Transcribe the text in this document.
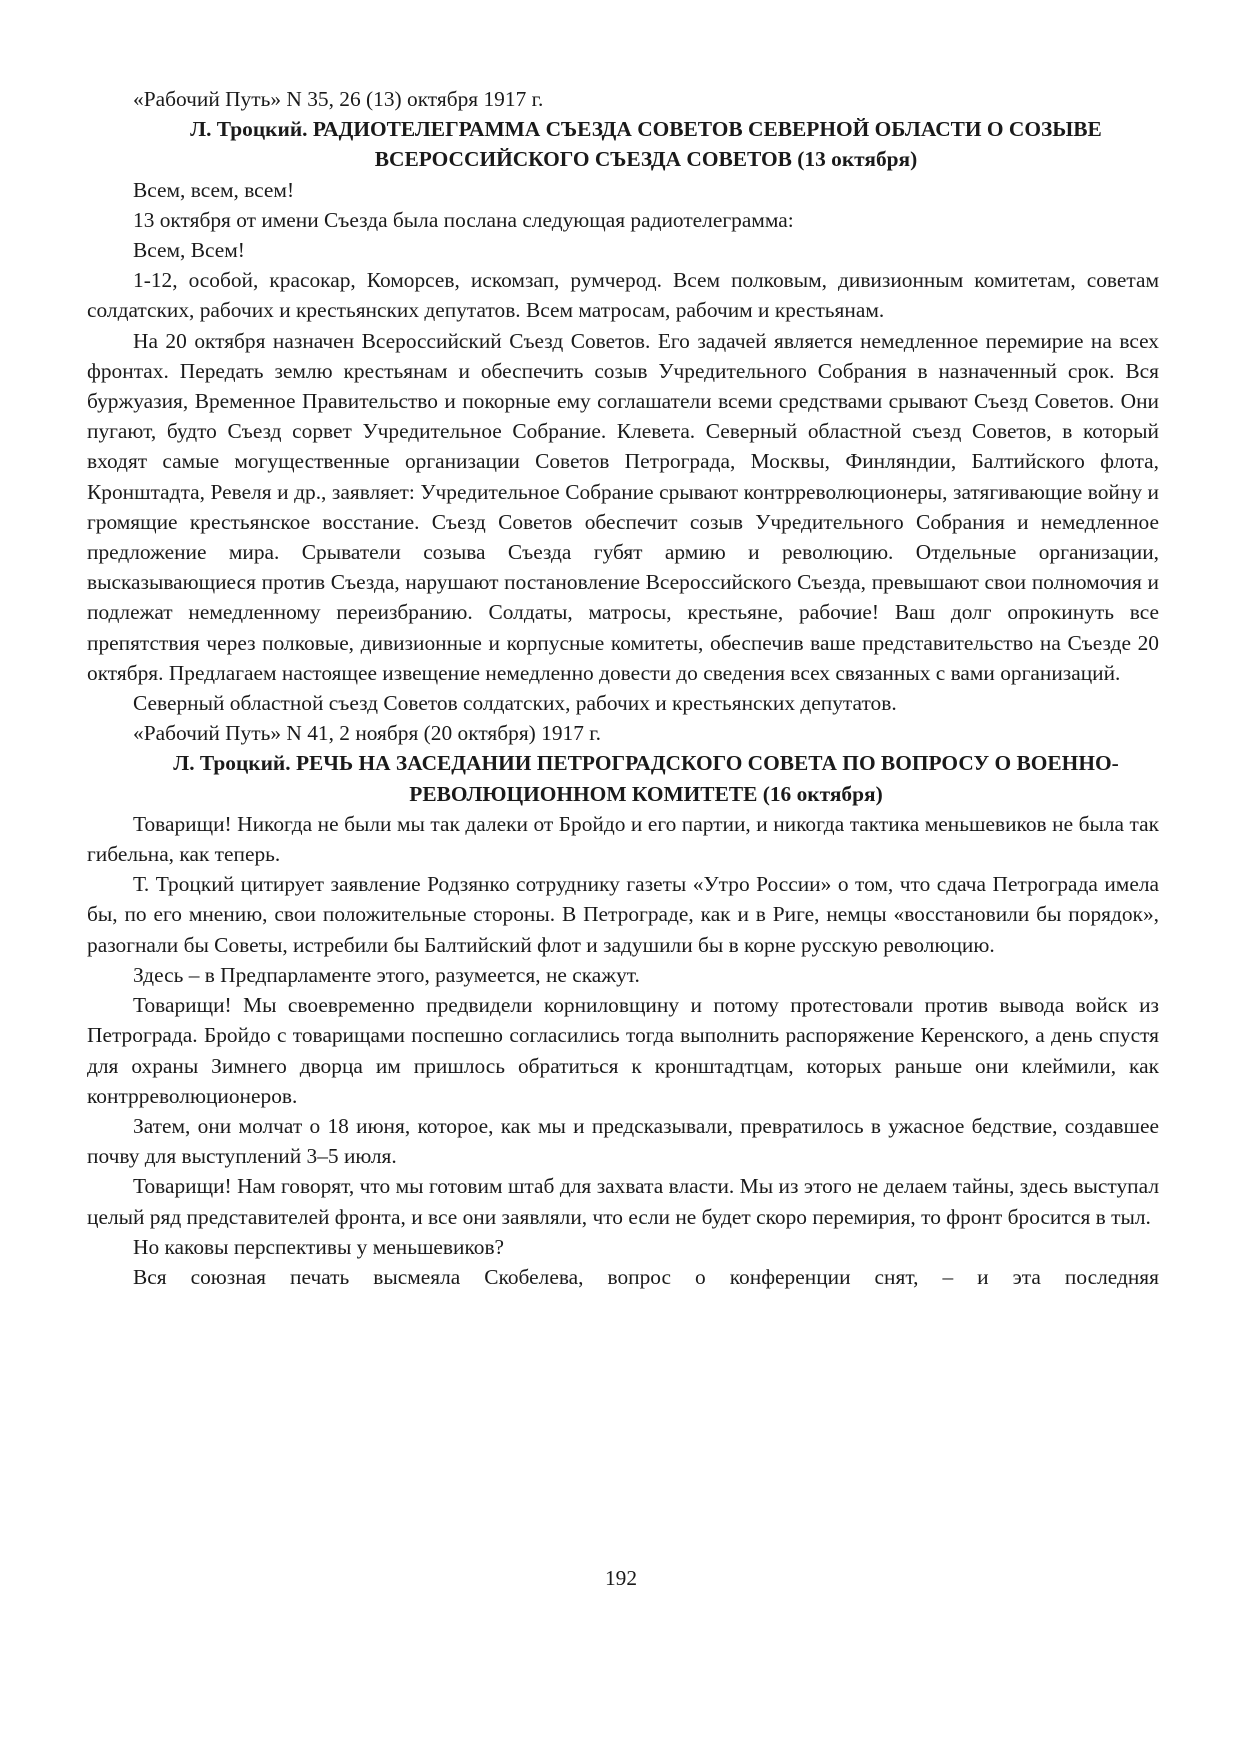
«Рабочий Путь» N 35, 26 (13) октября 1917 г.

Л. Троцкий. РАДИОТЕЛЕГРАММА СЪЕЗДА СОВЕТОВ СЕВЕРНОЙ ОБЛАСТИ О СОЗЫВЕ ВСЕРОССИЙСКОГО СЪЕЗДА СОВЕТОВ (13 октября)

Всем, всем, всем!

13 октября от имени Съезда была послана следующая радиотелеграмма:

Всем, Всем!

1-12, особой, красокар, Коморсев, искомзап, румчерод. Всем полковым, дивизионным комитетам, советам солдатских, рабочих и крестьянских депутатов. Всем матросам, рабочим и крестьянам.

На 20 октября назначен Всероссийский Съезд Советов. Его задачей является немедленное перемирие на всех фронтах. Передать землю крестьянам и обеспечить созыв Учредительного Собрания в назначенный срок. Вся буржуазия, Временное Правительство и покорные ему соглашатели всеми средствами срывают Съезд Советов. Они пугают, будто Съезд сорвет Учредительное Собрание. Клевета. Северный областной съезд Советов, в который входят самые могущественные организации Советов Петрограда, Москвы, Финляндии, Балтийского флота, Кронштадта, Ревеля и др., заявляет: Учредительное Собрание срывают контрреволюционеры, затягивающие войну и громящие крестьянское восстание. Съезд Советов обеспечит созыв Учредительного Собрания и немедленное предложение мира. Срыватели созыва Съезда губят армию и революцию. Отдельные организации, высказывающиеся против Съезда, нарушают постановление Всероссийского Съезда, превышают свои полномочия и подлежат немедленному переизбранию. Солдаты, матросы, крестьяне, рабочие! Ваш долг опрокинуть все препятствия через полковые, дивизионные и корпусные комитеты, обеспечив ваше представительство на Съезде 20 октября. Предлагаем настоящее извещение немедленно довести до сведения всех связанных с вами организаций.

Северный областной съезд Советов солдатских, рабочих и крестьянских депутатов.

«Рабочий Путь» N 41, 2 ноября (20 октября) 1917 г.

Л. Троцкий. РЕЧЬ НА ЗАСЕДАНИИ ПЕТРОГРАДСКОГО СОВЕТА ПО ВОПРОСУ О ВОЕННО-РЕВОЛЮЦИОННОМ КОМИТЕТЕ (16 октября)

Товарищи! Никогда не были мы так далеки от Бройдо и его партии, и никогда тактика меньшевиков не была так гибельна, как теперь.

Т. Троцкий цитирует заявление Родзянко сотруднику газеты «Утро России» о том, что сдача Петрограда имела бы, по его мнению, свои положительные стороны. В Петрограде, как и в Риге, немцы «восстановили бы порядок», разогнали бы Советы, истребили бы Балтийский флот и задушили бы в корне русскую революцию.

Здесь – в Предпарламенте этого, разумеется, не скажут.

Товарищи! Мы своевременно предвидели корниловщину и потому протестовали против вывода войск из Петрограда. Бройдо с товарищами поспешно согласились тогда выполнить распоряжение Керенского, а день спустя для охраны Зимнего дворца им пришлось обратиться к кронштадтцам, которых раньше они клеймили, как контрреволюционеров.

Затем, они молчат о 18 июня, которое, как мы и предсказывали, превратилось в ужасное бедствие, создавшее почву для выступлений 3–5 июля.

Товарищи! Нам говорят, что мы готовим штаб для захвата власти. Мы из этого не делаем тайны, здесь выступал целый ряд представителей фронта, и все они заявляли, что если не будет скоро перемирия, то фронт бросится в тыл.

Но каковы перспективы у меньшевиков?

Вся союзная печать высмеяла Скобелева, вопрос о конференции снят, – и эта последняя

192
